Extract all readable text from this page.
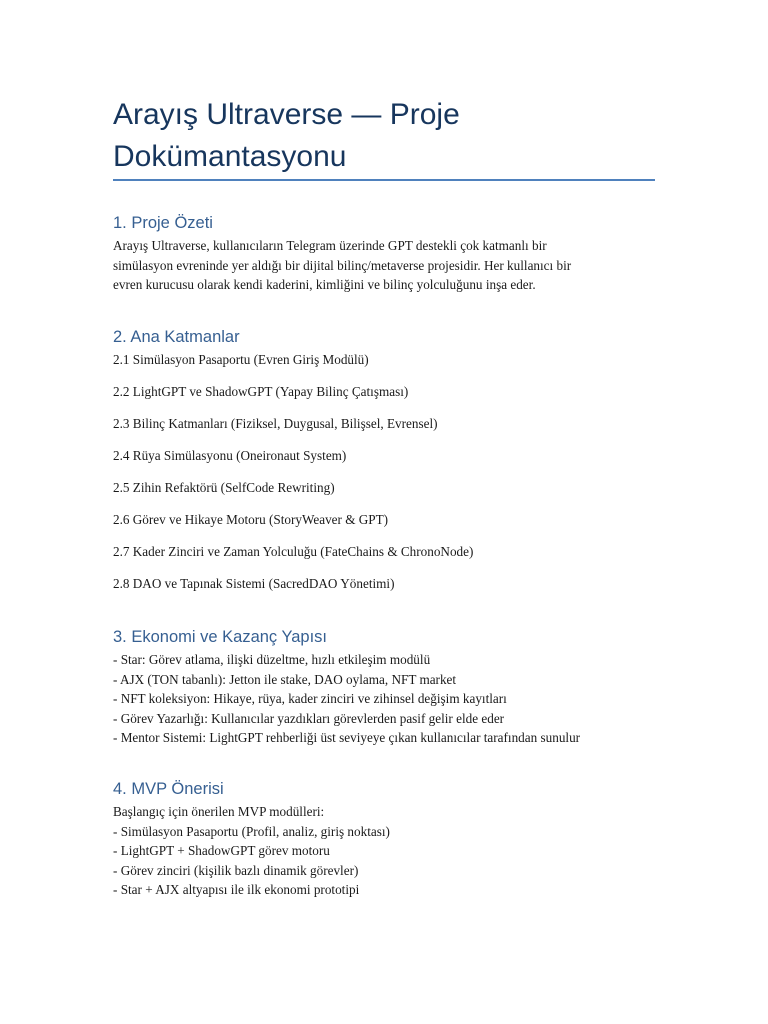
Arayış Ultraverse — Proje Dokümantasyonu
1. Proje Özeti
Arayış Ultraverse, kullanıcıların Telegram üzerinde GPT destekli çok katmanlı bir
simülasyon evreninde yer aldığı bir dijital bilinç/metaverse projesidir. Her kullanıcı bir
evren kurucusu olarak kendi kaderini, kimliğini ve bilinç yolculuğunu inşa eder.
2. Ana Katmanlar

2.1 Simülasyon Pasaportu (Evren Giriş Modülü)

2.2 LightGPT ve ShadowGPT (Yapay Bilinç Çatışması)

2.3 Bilinç Katmanları (Fiziksel, Duygusal, Bilişsel, Evrensel)

2.4 Rüya Simülasyonu (Oneironaut System)

2.5 Zihin Refaktörü (SelfCode Rewriting)

2.6 Görev ve Hikaye Motoru (StoryWeaver & GPT)

2.7 Kader Zinciri ve Zaman Yolculuğu (FateChains & ChronoNode)

2.8 DAO ve Tapınak Sistemi (SacredDAO Yönetimi)

3. Ekonomi ve Kazanç Yapısı
- Star: Görev atlama, ilişki düzeltme, hızlı etkileşim modülü
- AJX (TON tabanlı): Jetton ile stake, DAO oylama, NFT market
- NFT koleksiyon: Hikaye, rüya, kader zinciri ve zihinsel değişim kayıtları
- Görev Yazarlığı: Kullanıcılar yazdıkları görevlerden pasif gelir elde eder
- Mentor Sistemi: LightGPT rehberliği üst seviyeye çıkan kullanıcılar tarafından sunulur
4. MVP Önerisi
Başlangıç için önerilen MVP modülleri:
- Simülasyon Pasaportu (Profil, analiz, giriş noktası)
- LightGPT + ShadowGPT görev motoru
- Görev zinciri (kişilik bazlı dinamik görevler)
- Star + AJX altyapısı ile ilk ekonomi prototipi
